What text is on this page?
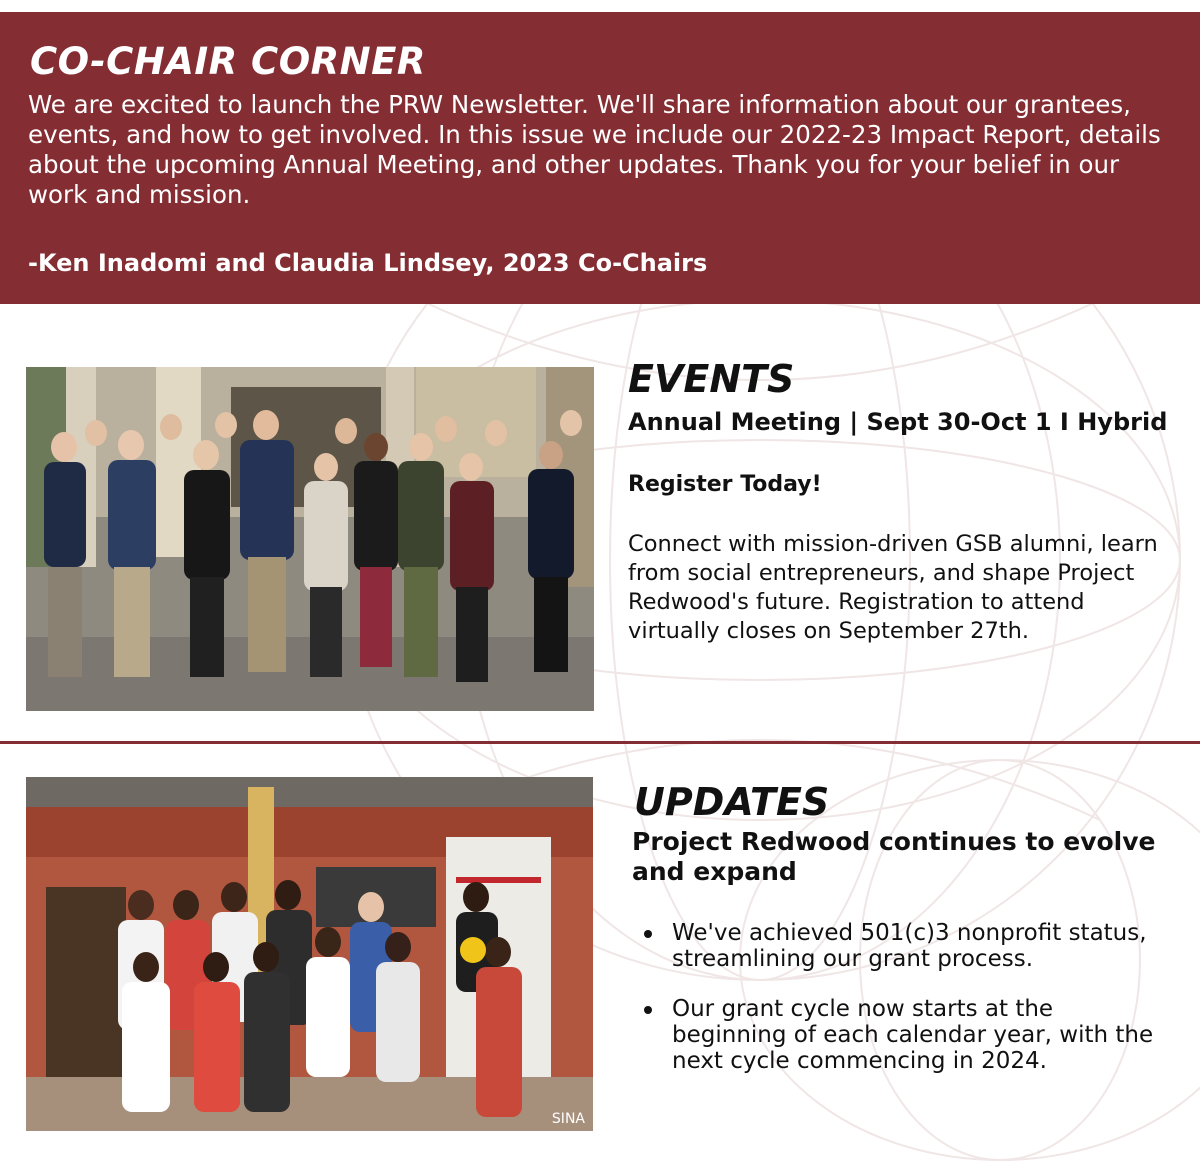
CO-CHAIR CORNER

We are excited to launch the PRW Newsletter. We'll share information about our grantees, events, and how to get involved. In this issue we include our 2022-23 Impact Report, details about the upcoming Annual Meeting, and other updates. Thank you for your belief in our work and mission.

-Ken Inadomi and Claudia Lindsey, 2023 Co-Chairs

EVENTS

Annual Meeting | Sept 30-Oct 1 I Hybrid

Register Today!

Connect with mission-driven GSB alumni, learn from social entrepreneurs, and shape Project Redwood's future. Registration to attend virtually closes on September 27th.

SINA
UPDATES

Project Redwood continues to evolve and expand

We've achieved 501(c)3 nonprofit status, streamlining our grant process.
Our grant cycle now starts at the beginning of each calendar year, with the next cycle commencing in 2024.
